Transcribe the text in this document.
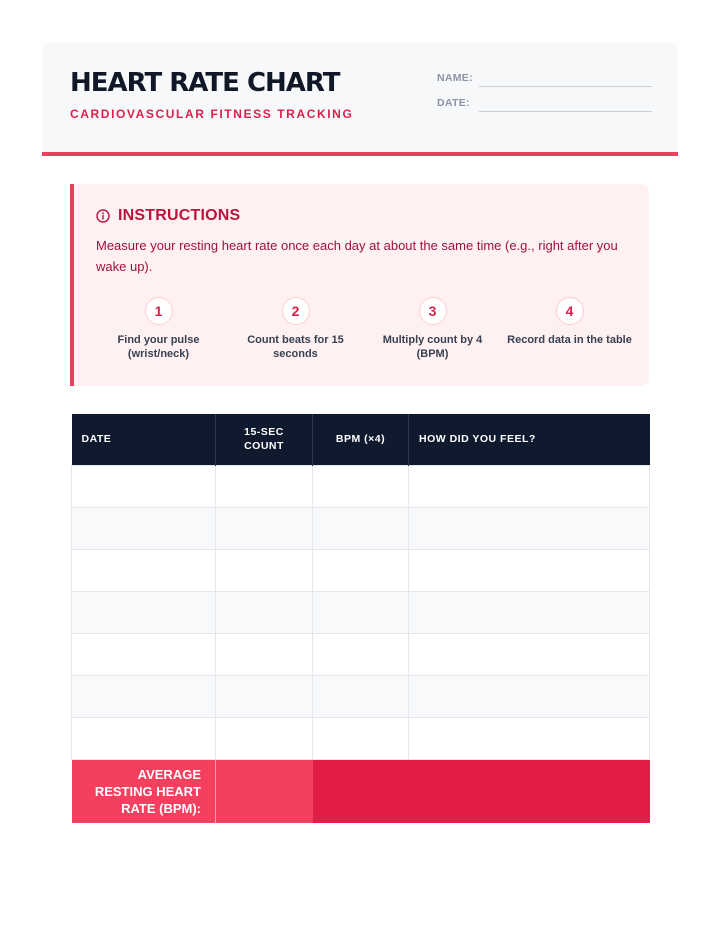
HEART RATE CHART
CARDIOVASCULAR FITNESS TRACKING
NAME:
DATE:
INSTRUCTIONS

Measure your resting heart rate once each day at about the same time (e.g., right after you wake up).

1
Find your pulse (wrist/neck)
2
Count beats for 15 seconds
3
Multiply count by 4 (BPM)
4
Record data in the table
DATE	15-SEC COUNT	BPM (×4)	HOW DID YOU FEEL?

AVERAGE RESTING HEART RATE (BPM):			
